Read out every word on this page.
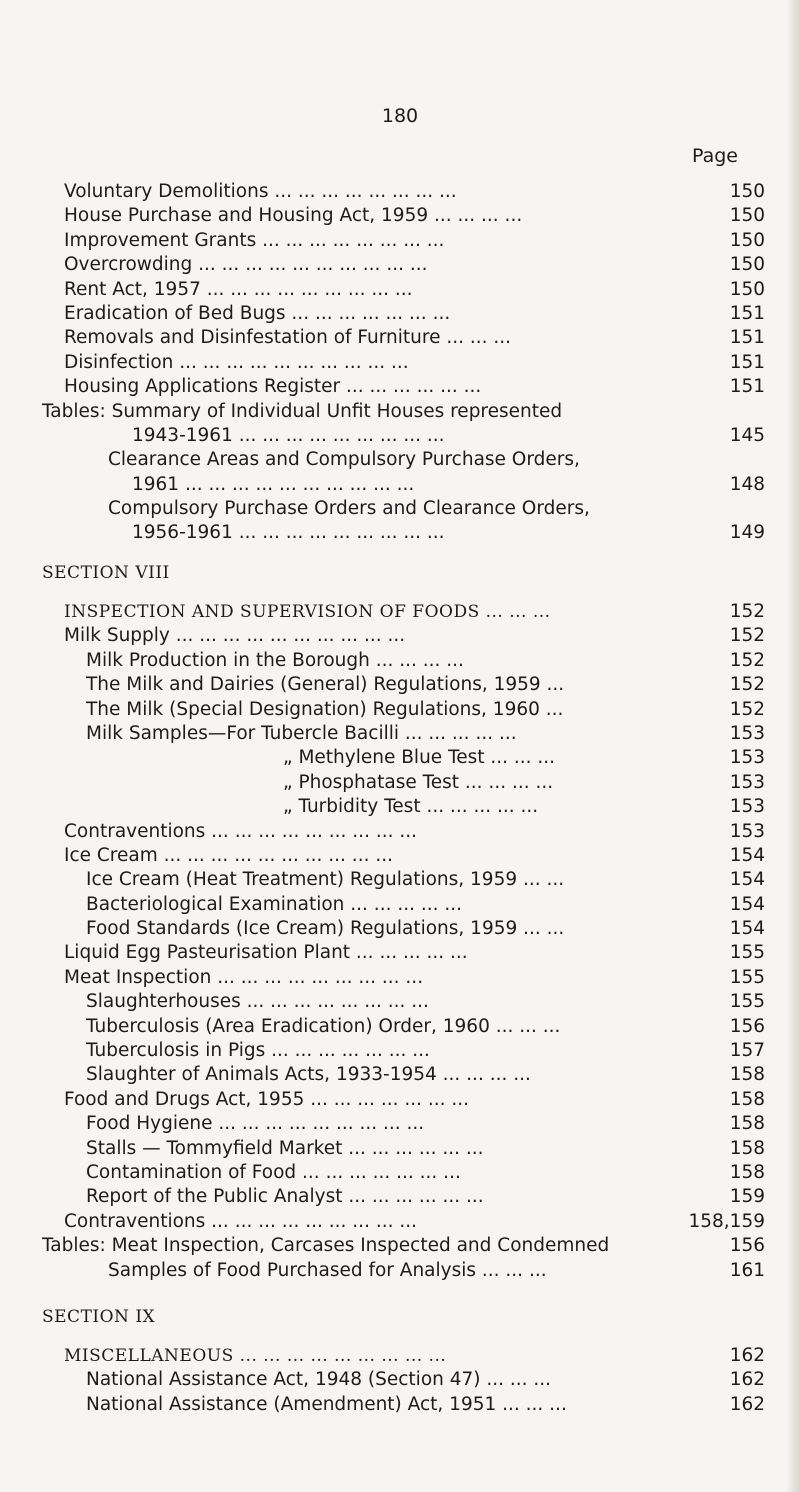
180
Page
Voluntary Demolitions ... ... ... ... ... ... ... ...	150
House Purchase and Housing Act, 1959 ... ... ... ...	150
Improvement Grants ... ... ... ... ... ... ... ...	150
Overcrowding ... ... ... ... ... ... ... ... ... ...	150
Rent Act, 1957 ... ... ... ... ... ... ... ... ...	150
Eradication of Bed Bugs ... ... ... ... ... ... ...	151
Removals and Disinfestation of Furniture ... ... ...	151
Disinfection ... ... ... ... ... ... ... ... ... ...	151
Housing Applications Register ... ... ... ... ... ...	151
Tables: Summary of Individual Unfit Houses represented
1943-1961 ... ... ... ... ... ... ... ... ...	145
Clearance Areas and Compulsory Purchase Orders,
1961 ... ... ... ... ... ... ... ... ... ...	148
Compulsory Purchase Orders and Clearance Orders,
1956-1961 ... ... ... ... ... ... ... ... ...	149
SECTION VIII
INSPECTION AND SUPERVISION OF FOODS ... ... ...	152
Milk Supply ... ... ... ... ... ... ... ... ... ...	152
Milk Production in the Borough ... ... ... ...	152
The Milk and Dairies (General) Regulations, 1959 ...	152
The Milk (Special Designation) Regulations, 1960 ...	152
Milk Samples—For Tubercle Bacilli ... ... ... ... ...	153
„ Methylene Blue Test ... ... ...	153
„ Phosphatase Test ... ... ... ...	153
„ Turbidity Test ... ... ... ... ...	153
Contraventions ... ... ... ... ... ... ... ... ...	153
Ice Cream ... ... ... ... ... ... ... ... ... ...	154
Ice Cream (Heat Treatment) Regulations, 1959 ... ...	154
Bacteriological Examination ... ... ... ... ...	154
Food Standards (Ice Cream) Regulations, 1959 ... ...	154
Liquid Egg Pasteurisation Plant ... ... ... ... ...	155
Meat Inspection ... ... ... ... ... ... ... ... ...	155
Slaughterhouses ... ... ... ... ... ... ... ...	155
Tuberculosis (Area Eradication) Order, 1960 ... ... ...	156
Tuberculosis in Pigs ... ... ... ... ... ... ...	157
Slaughter of Animals Acts, 1933-1954 ... ... ... ...	158
Food and Drugs Act, 1955 ... ... ... ... ... ... ...	158
Food Hygiene ... ... ... ... ... ... ... ... ...	158
Stalls — Tommyfield Market ... ... ... ... ... ...	158
Contamination of Food ... ... ... ... ... ... ...	158
Report of the Public Analyst ... ... ... ... ... ...	159
Contraventions ... ... ... ... ... ... ... ... ...	158,159
Tables: Meat Inspection, Carcases Inspected and Condemned	156
Samples of Food Purchased for Analysis ... ... ...	161
SECTION IX
MISCELLANEOUS ... ... ... ... ... ... ... ... ...	162
National Assistance Act, 1948 (Section 47) ... ... ...	162
National Assistance (Amendment) Act, 1951 ... ... ...	162
